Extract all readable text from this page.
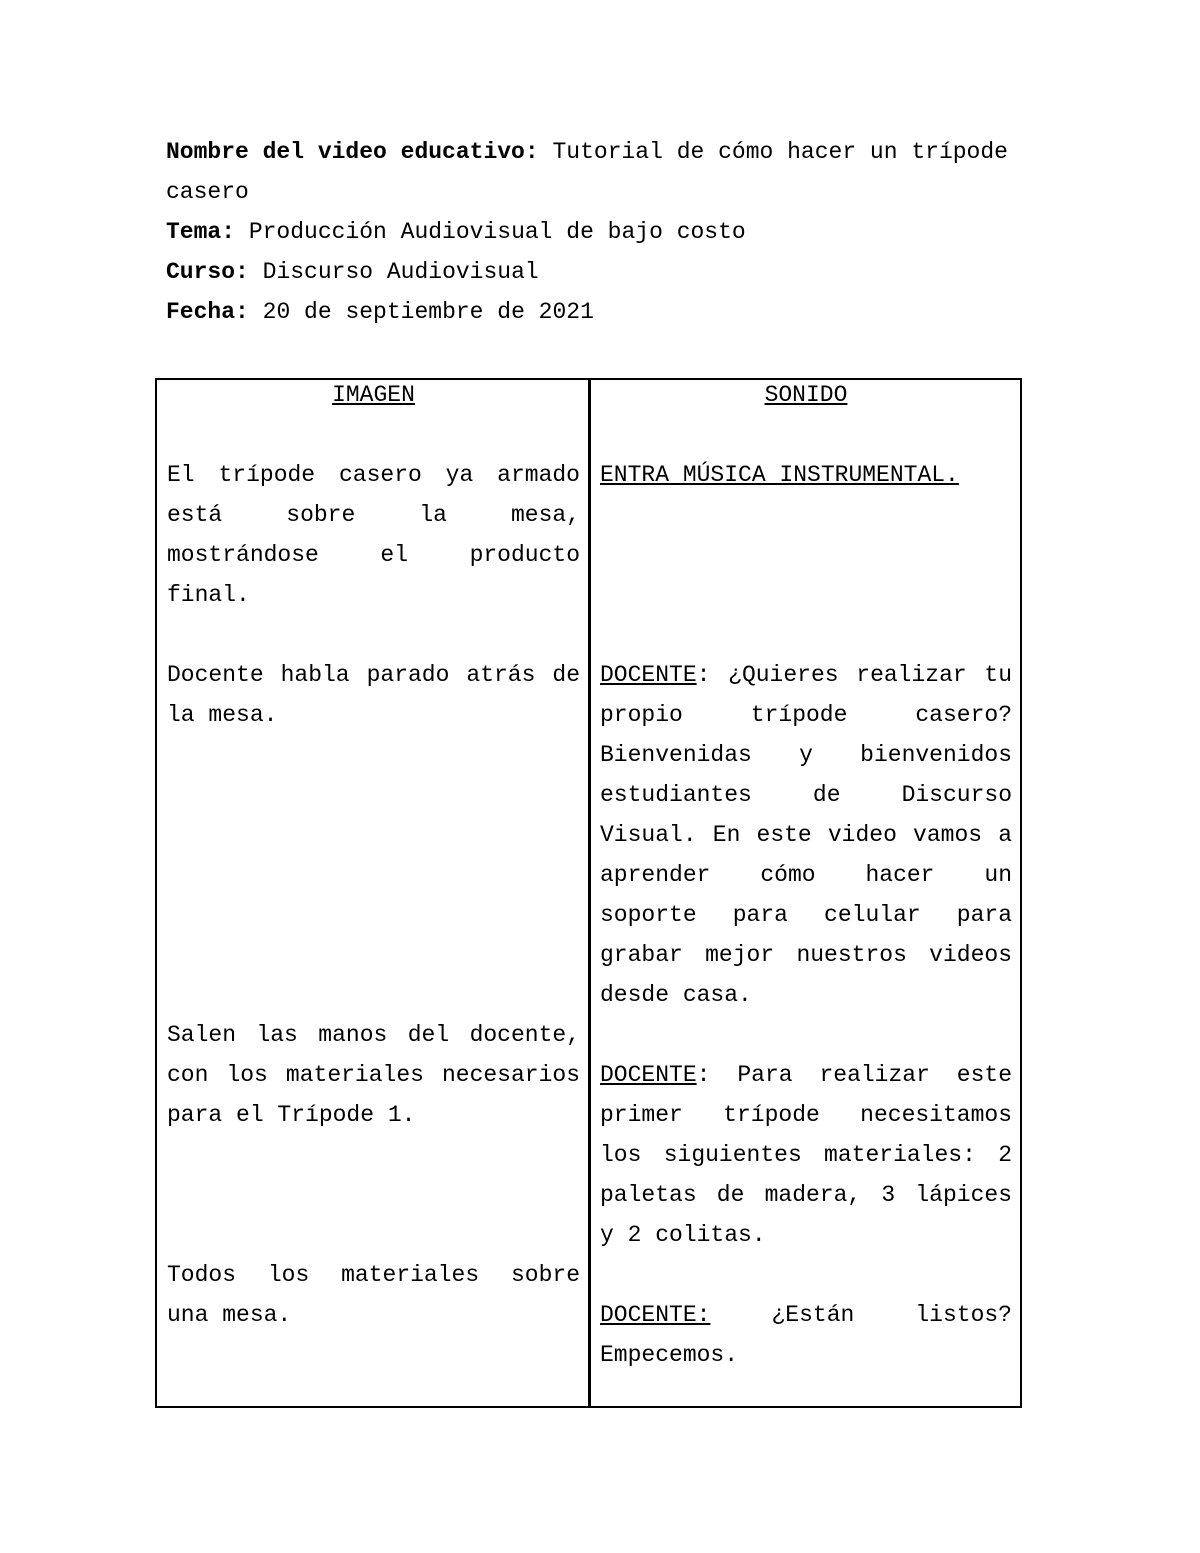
Nombre del video educativo: Tutorial de cómo hacer un trípode casero

Tema: Producción Audiovisual de bajo costo

Curso: Discurso Audiovisual

Fecha: 20 de septiembre de 2021

IMAGEN	SONIDO
El trípode casero ya armado está sobre la mesa, mostrándose el producto final.
ENTRA MÚSICA INSTRUMENTAL.
Docente habla parado atrás de la mesa.
DOCENTE: ¿Quieres realizar tu propio trípode casero? Bienvenidas y bienvenidos estudiantes de Discurso Visual. En este video vamos a aprender cómo hacer un soporte para celular para grabar mejor nuestros videos desde casa.
Salen las manos del docente, con los materiales necesarios para el Trípode 1.
DOCENTE: Para realizar este primer trípode necesitamos los siguientes materiales: 2 paletas de madera, 3 lápices y 2 colitas.
Todos los materiales sobre una mesa.	DOCENTE: ¿Están listos? Empecemos.
